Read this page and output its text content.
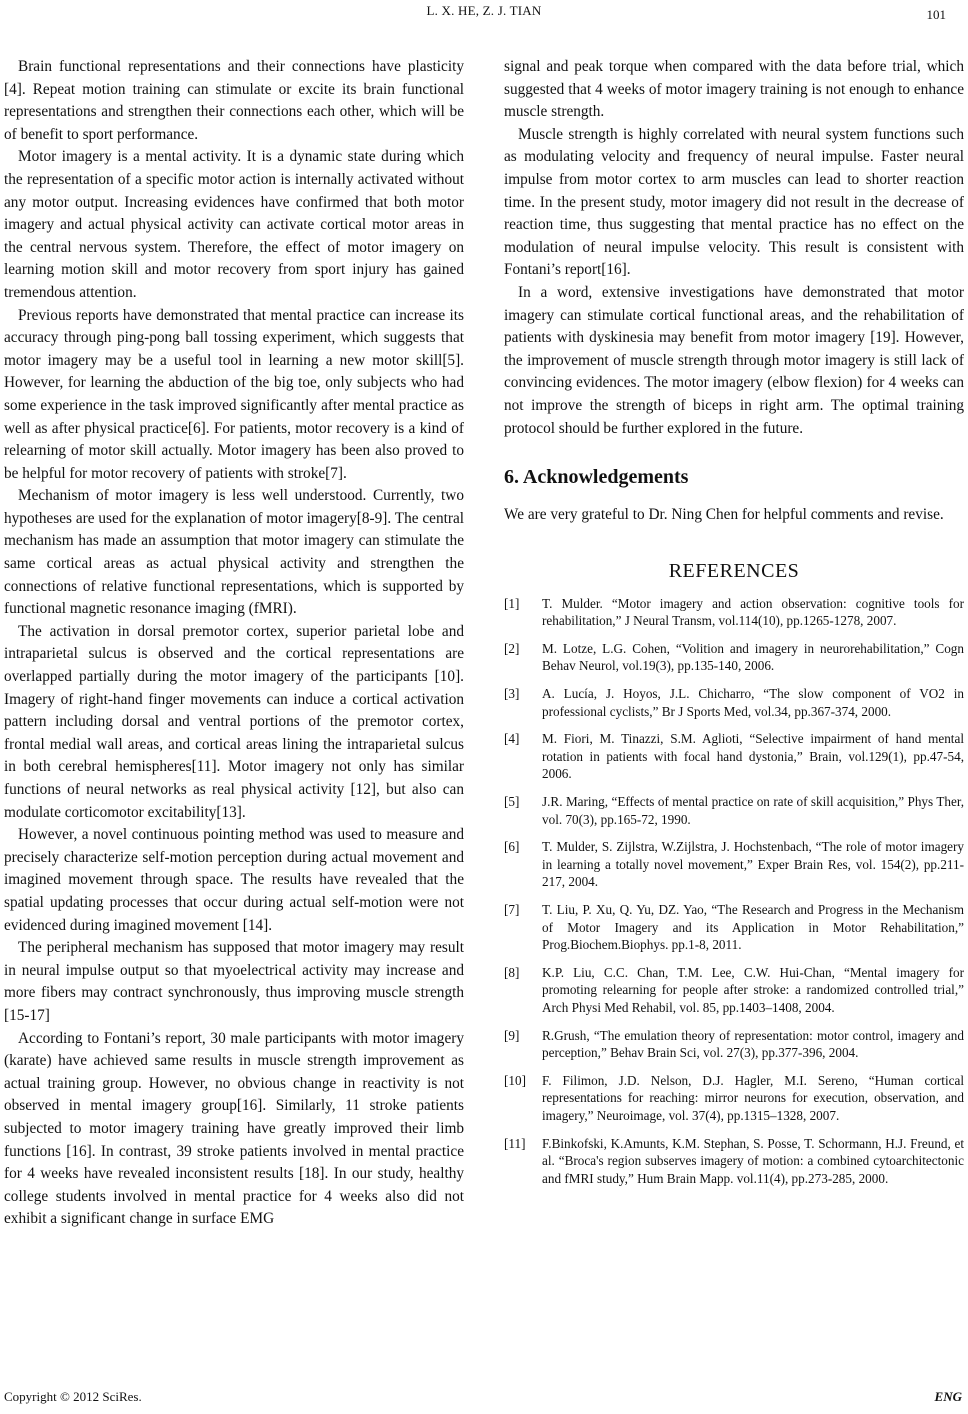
L. X. HE, Z. J. TIAN	101

Brain functional representations and their connections have plasticity [4]. Repeat motion training can stimulate or excite its brain functional representations and strengthen their connections each other, which will be of benefit to sport performance.

Motor imagery is a mental activity. It is a dynamic state during which the representation of a specific motor action is internally activated without any motor output. Increasing evidences have confirmed that both motor imagery and actual physical activity can activate cortical motor areas in the central nervous system. Therefore, the effect of motor imagery on learning motion skill and motor recovery from sport injury has gained tremendous attention.

Previous reports have demonstrated that mental practice can increase its accuracy through ping-pong ball tossing experiment, which suggests that motor imagery may be a useful tool in learning a new motor skill[5]. However, for learning the abduction of the big toe, only subjects who had some experience in the task improved significantly after mental practice as well as after physical practice[6]. For patients, motor recovery is a kind of relearning of motor skill actually. Motor imagery has been also proved to be helpful for motor recovery of patients with stroke[7].

Mechanism of motor imagery is less well understood. Currently, two hypotheses are used for the explanation of motor imagery[8-9]. The central mechanism has made an assumption that motor imagery can stimulate the same cortical areas as actual physical activity and strengthen the connections of relative functional representations, which is supported by functional magnetic resonance imaging (fMRI).

The activation in dorsal premotor cortex, superior parietal lobe and intraparietal sulcus is observed and the cortical representations are overlapped partially during the motor imagery of the participants [10]. Imagery of right-hand finger movements can induce a cortical activation pattern including dorsal and ventral portions of the premotor cortex, frontal medial wall areas, and cortical areas lining the intraparietal sulcus in both cerebral hemispheres[11]. Motor imagery not only has similar functions of neural networks as real physical activity [12], but also can modulate corticomotor excitability[13].

However, a novel continuous pointing method was used to measure and precisely characterize self-motion perception during actual movement and imagined movement through space. The results have revealed that the spatial updating processes that occur during actual self-motion were not evidenced during imagined movement [14].

The peripheral mechanism has supposed that motor imagery may result in neural impulse output so that myoelectrical activity may increase and more fibers may contract synchronously, thus improving muscle strength [15-17]

According to Fontani’s report, 30 male participants with motor imagery (karate) have achieved same results in muscle strength improvement as actual training group. However, no obvious change in reactivity is not observed in mental imagery group[16]. Similarly, 11 stroke patients subjected to motor imagery training have greatly improved their limb functions [16]. In contrast, 39 stroke patients involved in mental practice for 4 weeks have revealed inconsistent results [18]. In our study, healthy college students involved in mental practice for 4 weeks also did not exhibit a significant change in surface EMG

signal and peak torque when compared with the data before trial, which suggested that 4 weeks of motor imagery training is not enough to enhance muscle strength.

Muscle strength is highly correlated with neural system functions such as modulating velocity and frequency of neural impulse. Faster neural impulse from motor cortex to arm muscles can lead to shorter reaction time. In the present study, motor imagery did not result in the decrease of reaction time, thus suggesting that mental practice has no effect on the modulation of neural impulse velocity. This result is consistent with Fontani’s report[16].

In a word, extensive investigations have demonstrated that motor imagery can stimulate cortical functional areas, and the rehabilitation of patients with dyskinesia may benefit from motor imagery [19]. However, the improvement of muscle strength through motor imagery is still lack of convincing evidences. The motor imagery (elbow flexion) for 4 weeks can not improve the strength of biceps in right arm. The optimal training protocol should be further explored in the future.

6. Acknowledgements

We are very grateful to Dr. Ning Chen for helpful comments and revise.

REFERENCES
[1]	T. Mulder. “Motor imagery and action observation: cognitive tools for rehabilitation,” J Neural Transm, vol.114(10), pp.1265-1278, 2007.
[2]	M. Lotze, L.G. Cohen, “Volition and imagery in neurorehabilitation,” Cogn Behav Neurol, vol.19(3), pp.135-140, 2006.
[3]	A. Lucía, J. Hoyos, J.L. Chicharro, “The slow component of VO2 in professional cyclists,” Br J Sports Med, vol.34, pp.367-374, 2000.
[4]	M. Fiori, M. Tinazzi, S.M. Aglioti, “Selective impairment of hand mental rotation in patients with focal hand dystonia,” Brain, vol.129(1), pp.47-54, 2006.
[5]	J.R. Maring, “Effects of mental practice on rate of skill acquisition,” Phys Ther, vol. 70(3), pp.165-72, 1990.
[6]	T. Mulder, S. Zijlstra, W.Zijlstra, J. Hochstenbach, “The role of motor imagery in learning a totally novel movement,” Exper Brain Res, vol. 154(2), pp.211-217, 2004.
[7]	T. Liu, P. Xu, Q. Yu, DZ. Yao, “The Research and Progress in the Mechanism of Motor Imagery and its Application in Motor Rehabilitation,” Prog.Biochem.Biophys. pp.1-8, 2011.
[8]	K.P. Liu, C.C. Chan, T.M. Lee, C.W. Hui-Chan, “Mental imagery for promoting relearning for people after stroke: a randomized controlled trial,” Arch Physi Med Rehabil, vol. 85, pp.1403–1408, 2004.
[9]	R.Grush, “The emulation theory of representation: motor control, imagery and perception,” Behav Brain Sci, vol. 27(3), pp.377-396, 2004.
[10]	F. Filimon, J.D. Nelson, D.J. Hagler, M.I. Sereno, “Human cortical representations for reaching: mirror neurons for execution, observation, and imagery,” Neuroimage, vol. 37(4), pp.1315–1328, 2007.
[11]	F.Binkofski, K.Amunts, K.M. Stephan, S. Posse, T. Schormann, H.J. Freund, et al. “Broca's region subserves imagery of motion: a combined cytoarchitectonic and fMRI study,” Hum Brain Mapp. vol.11(4), pp.273-285, 2000.
Copyright © 2012 SciRes.	ENG
